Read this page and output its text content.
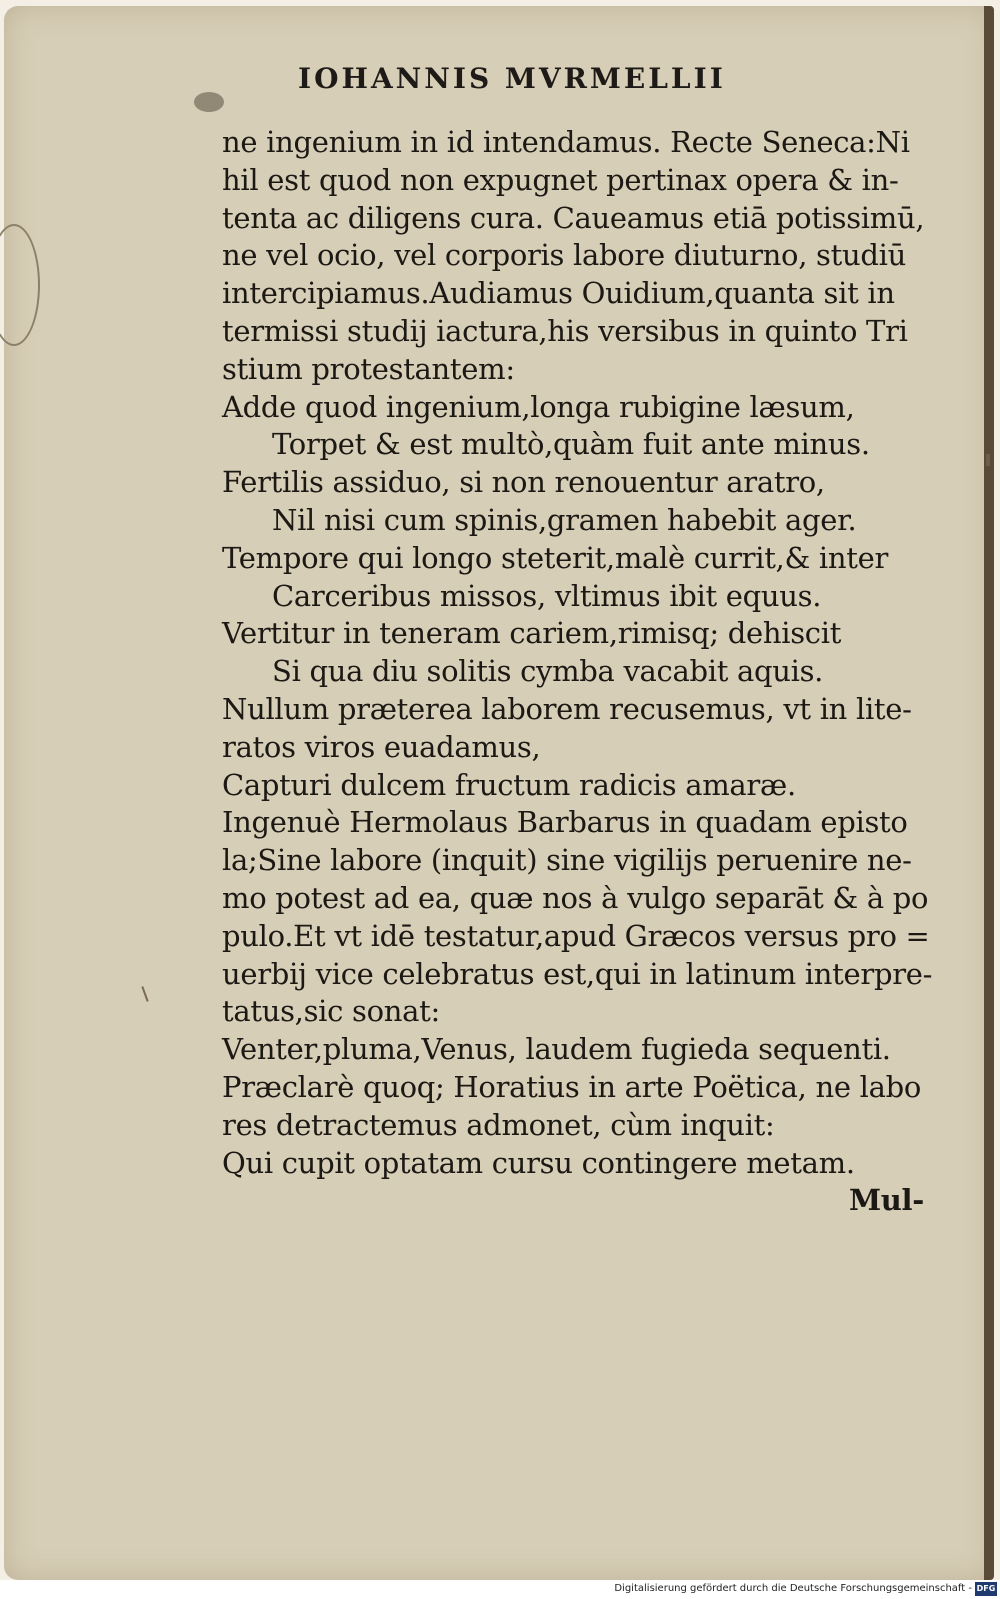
IOHANNIS MVRMELLII
ne ingenium in id intendamus. Recte Seneca:Ni
hil est quod non expugnet pertinax opera & in-
tenta ac diligens cura. Caueamus etiā potissimū,
ne vel ocio, vel corporis labore diuturno, studiū
intercipiamus.Audiamus Ouidium,quanta sit in
termissi studij iactura,his versibus in quinto Tri
stium protestantem:
Adde quod ingenium,longa rubigine læsum,
Torpet & est multò,quàm fuit ante minus.
Fertilis assiduo, si non renouentur aratro,
Nil nisi cum spinis,gramen habebit ager.
Tempore qui longo steterit,malè currit,& inter
Carceribus missos, vltimus ibit equus.
Vertitur in teneram cariem,rimisq; dehiscit
Si qua diu solitis cymba vacabit aquis.
Nullum præterea laborem recusemus, vt in lite-
ratos viros euadamus,
Capturi dulcem fructum radicis amaræ.
Ingenuè Hermolaus Barbarus in quadam episto
la;Sine labore (inquit) sine vigilijs peruenire ne-
mo potest ad ea, quæ nos à vulgo separāt & à po
pulo.Et vt idē testatur,apud Græcos versus pro =
uerbij vice celebratus est,qui in latinum interpre-
tatus,sic sonat:
Venter,pluma,Venus, laudem fugieda sequenti.
Præclarè quoq; Horatius in arte Poëtica, ne labo
res detractemus admonet, cùm inquit:
Qui cupit optatam cursu contingere metam.
Mul-
Digitalisierung gefördert durch die Deutsche Forschungsgemeinschaft - DFG
